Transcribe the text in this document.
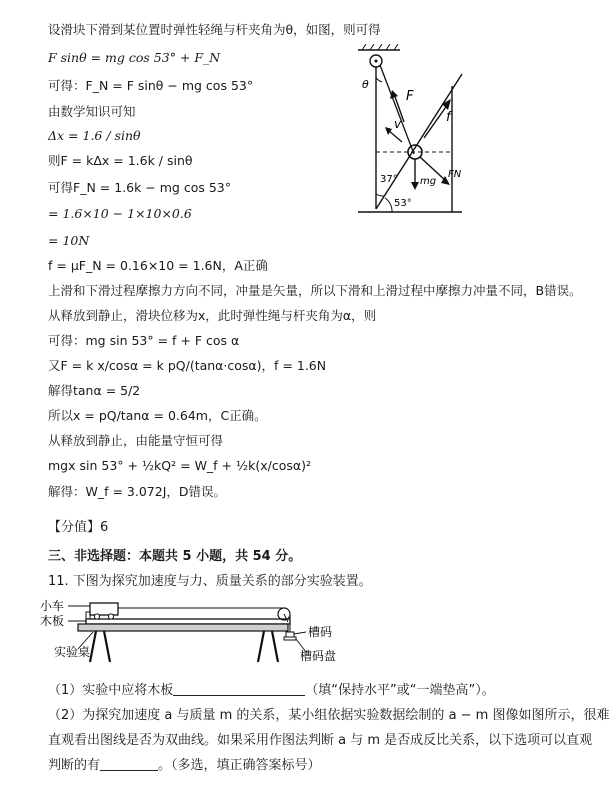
设滑块下滑到某位置时弹性轻绳与杆夹角为θ，如图，则可得
F sinθ = mg cos 53° + F_N
可得：F_N = F sinθ − mg cos 53°
由数学知识可知
Δx = 1.6 / sinθ
则F = kΔx = 1.6k / sinθ
可得F_N = 1.6k − mg cos 53°
= 1.6×10 − 1×10×0.6
= 10N
f = μF_N = 0.16×10 = 1.6N，A正确
上滑和下滑过程摩擦力方向不同，冲量是矢量，所以下滑和上滑过程中摩擦力冲量不同，B错误。
从释放到静止，滑块位移为x，此时弹性绳与杆夹角为α，则
可得：mg sin 53° = f + F cos α
又F = k x/cosα = k pQ/(tanα·cosα)，f = 1.6N
解得tanα = 5/2
所以x = pQ/tanα = 0.64m，C正确。
从释放到静止，由能量守恒可得
mgx sin 53° + ½kQ² = W_f + ½k(x/cosα)²
解得：W_f = 3.072J，D错误。
θ
F
f
v
mg
FN
37°
53°
【分值】6
三、非选择题：本题共 5 小题，共 54 分。
11. 下图为探究加速度与力、质量关系的部分实验装置。
小车
木板
实验桌
槽码
槽码盘
（1）实验中应将木板	（填“保持水平”或“一端垫高”）。
（2）为探究加速度 a 与质量 m 的关系，某小组依据实验数据绘制的 a − m 图像如图所示，很难
直观看出图线是否为双曲线。如果采用作图法判断 a 与 m 是否成反比关系，以下选项可以直观
判断的有	。（多选，填正确答案标号）
